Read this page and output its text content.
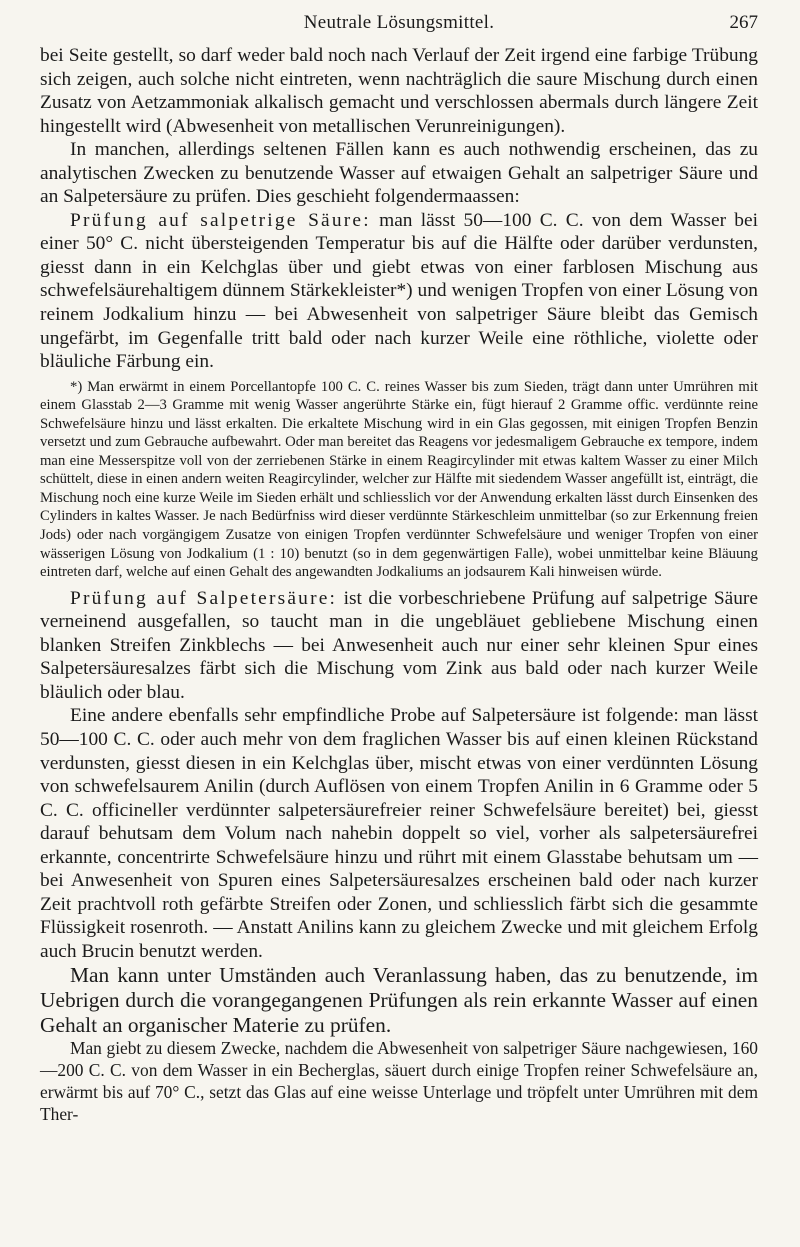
Neutrale Lösungsmittel.	267

bei Seite gestellt, so darf weder bald noch nach Verlauf der Zeit irgend eine farbige Trübung sich zeigen, auch solche nicht eintreten, wenn nachträglich die saure Mischung durch einen Zusatz von Aetzammoniak alkalisch gemacht und verschlossen abermals durch längere Zeit hingestellt wird (Abwesenheit von metallischen Verunreinigungen).

In manchen, allerdings seltenen Fällen kann es auch nothwendig erscheinen, das zu analytischen Zwecken zu benutzende Wasser auf etwaigen Gehalt an salpetriger Säure und an Salpetersäure zu prüfen. Dies geschieht folgendermaassen:

Prüfung auf salpetrige Säure: man lässt 50—100 C. C. von dem Wasser bei einer 50° C. nicht übersteigenden Temperatur bis auf die Hälfte oder darüber verdunsten, giesst dann in ein Kelchglas über und giebt etwas von einer farblosen Mischung aus schwefelsäurehaltigem dünnem Stärkekleister*) und wenigen Tropfen von einer Lösung von reinem Jodkalium hinzu — bei Abwesenheit von salpetriger Säure bleibt das Gemisch ungefärbt, im Gegenfalle tritt bald oder nach kurzer Weile eine röthliche, violette oder bläuliche Färbung ein.

*) Man erwärmt in einem Porcellantopfe 100 C. C. reines Wasser bis zum Sieden, trägt dann unter Umrühren mit einem Glasstab 2—3 Gramme mit wenig Wasser angerührte Stärke ein, fügt hierauf 2 Gramme offic. verdünnte reine Schwefelsäure hinzu und lässt erkalten. Die erkaltete Mischung wird in ein Glas gegossen, mit einigen Tropfen Benzin versetzt und zum Gebrauche aufbewahrt. Oder man bereitet das Reagens vor jedesmaligem Gebrauche ex tempore, indem man eine Messerspitze voll von der zerriebenen Stärke in einem Reagircylinder mit etwas kaltem Wasser zu einer Milch schüttelt, diese in einen andern weiten Reagircylinder, welcher zur Hälfte mit siedendem Wasser angefüllt ist, einträgt, die Mischung noch eine kurze Weile im Sieden erhält und schliesslich vor der Anwendung erkalten lässt durch Einsenken des Cylinders in kaltes Wasser. Je nach Bedürfniss wird dieser verdünnte Stärkeschleim unmittelbar (so zur Erkennung freien Jods) oder nach vorgängigem Zusatze von einigen Tropfen verdünnter Schwefelsäure und weniger Tropfen von einer wässerigen Lösung von Jodkalium (1 : 10) benutzt (so in dem gegenwärtigen Falle), wobei unmittelbar keine Bläuung eintreten darf, welche auf einen Gehalt des angewandten Jodkaliums an jodsaurem Kali hinweisen würde.

Prüfung auf Salpetersäure: ist die vorbeschriebene Prüfung auf salpetrige Säure verneinend ausgefallen, so taucht man in die ungebläuet gebliebene Mischung einen blanken Streifen Zinkblechs — bei Anwesenheit auch nur einer sehr kleinen Spur eines Salpetersäuresalzes färbt sich die Mischung vom Zink aus bald oder nach kurzer Weile bläulich oder blau.

Eine andere ebenfalls sehr empfindliche Probe auf Salpetersäure ist folgende: man lässt 50—100 C. C. oder auch mehr von dem fraglichen Wasser bis auf einen kleinen Rückstand verdunsten, giesst diesen in ein Kelchglas über, mischt etwas von einer verdünnten Lösung von schwefelsaurem Anilin (durch Auflösen von einem Tropfen Anilin in 6 Gramme oder 5 C. C. officineller verdünnter salpetersäurefreier reiner Schwefelsäure bereitet) bei, giesst darauf behutsam dem Volum nach nahebin doppelt so viel, vorher als salpetersäurefrei erkannte, concentrirte Schwefelsäure hinzu und rührt mit einem Glasstabe behutsam um — bei Anwesenheit von Spuren eines Salpetersäuresalzes erscheinen bald oder nach kurzer Zeit prachtvoll roth gefärbte Streifen oder Zonen, und schliesslich färbt sich die gesammte Flüssigkeit rosenroth. — Anstatt Anilins kann zu gleichem Zwecke und mit gleichem Erfolg auch Brucin benutzt werden.

Man kann unter Umständen auch Veranlassung haben, das zu benutzende, im Uebrigen durch die vorangegangenen Prüfungen als rein erkannte Wasser auf einen Gehalt an organischer Materie zu prüfen.

Man giebt zu diesem Zwecke, nachdem die Abwesenheit von salpetriger Säure nachgewiesen, 160—200 C. C. von dem Wasser in ein Becherglas, säuert durch einige Tropfen reiner Schwefelsäure an, erwärmt bis auf 70° C., setzt das Glas auf eine weisse Unterlage und tröpfelt unter Umrühren mit dem Ther-
